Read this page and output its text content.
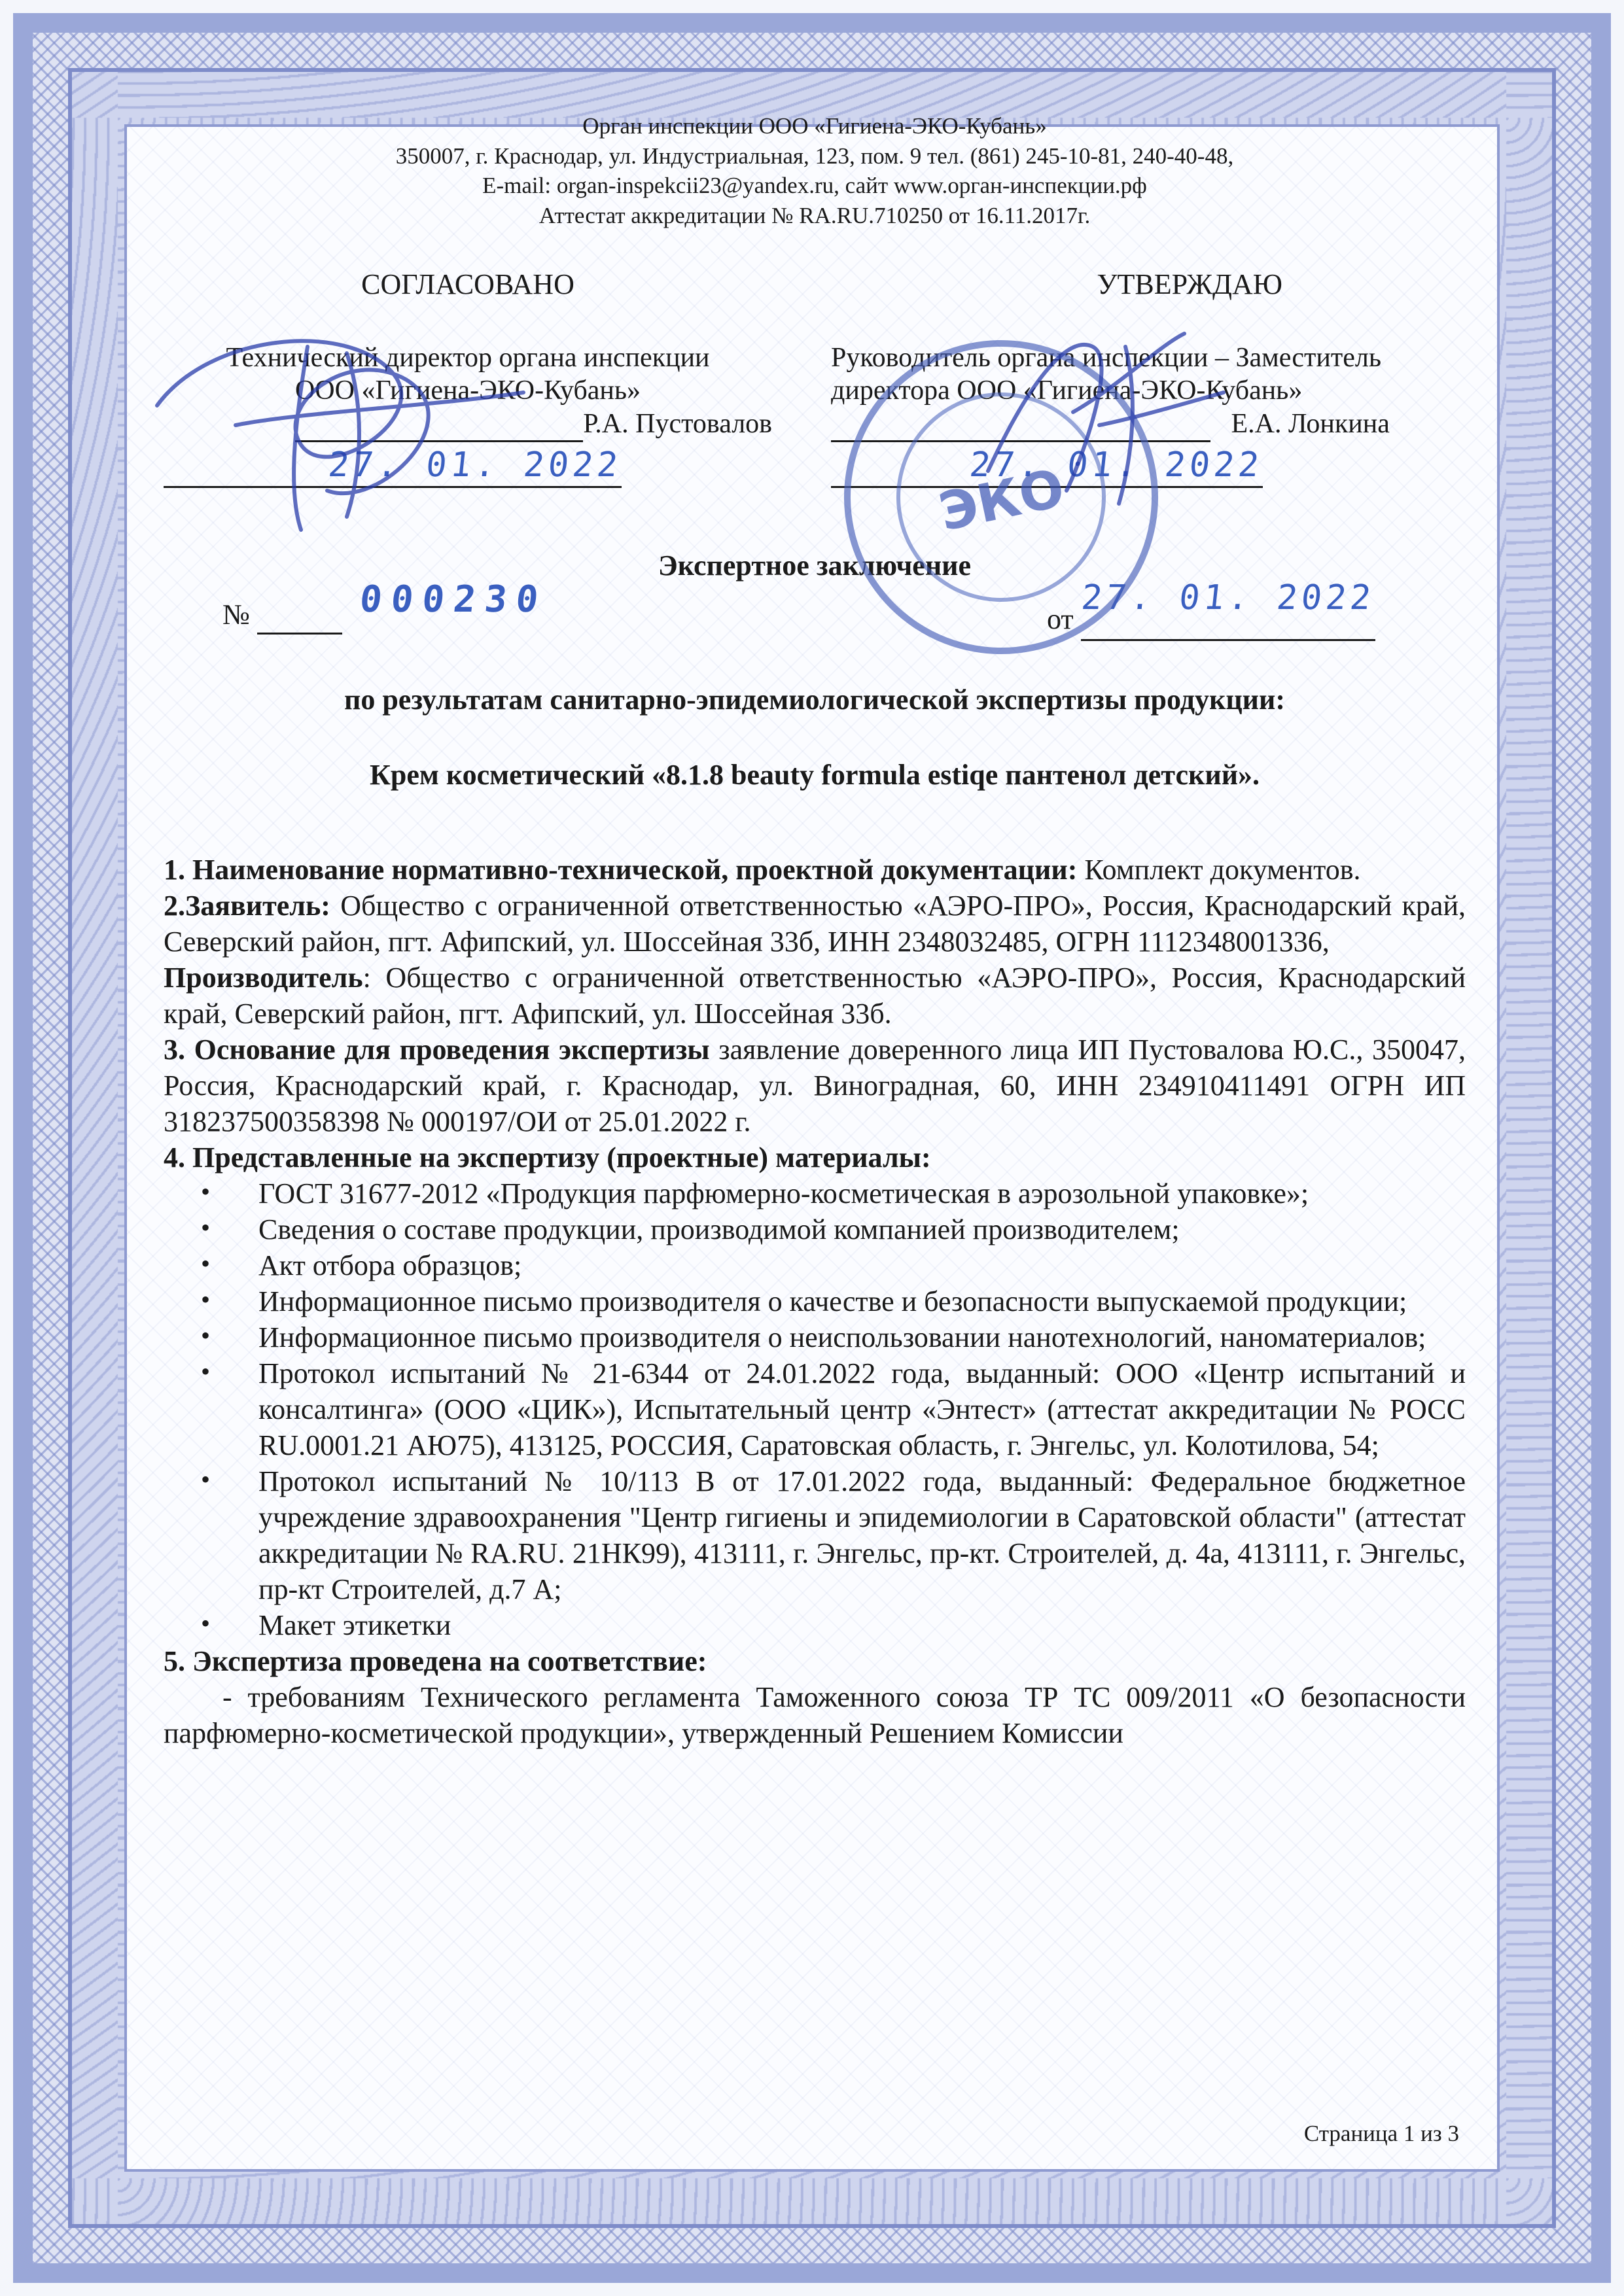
Орган инспекции ООО «Гигиена-ЭКО-Кубань»

350007, г. Краснодар, ул. Индустриальная, 123, пом. 9 тел. (861) 245-10-81, 240-40-48,

E-mail: organ-inspekcii23@yandex.ru, сайт www.орган-инспекции.рф

Аттестат аккредитации № RA.RU.710250 от 16.11.2017г.

СОГЛАСОВАНО

Технический директор органа инспекции

ООО «Гигиена-ЭКО-Кубань»

Р.А. Пустовалов

27. 01. 2022

УТВЕРЖДАЮ

Руководитель органа инспекции – Заместитель

директора ООО «Гигиена-ЭКО-Кубань»

Е.А. Лонкина

27. 01. 2022

Экспертное заключение
№	000230	от 27. 01. 2022
по результатам санитарно-эпидемиологической экспертизы продукции:
Крем косметический «8.1.8 beauty formula estiqe пантенол детский».

1. Наименование нормативно-технической, проектной документации: Комплект документов.

2.Заявитель: Общество с ограниченной ответственностью «АЭРО-ПРО», Россия, Краснодарский край, Северский район, пгт. Афипский, ул. Шоссейная 33б, ИНН 2348032485, ОГРН 1112348001336,

Производитель: Общество с ограниченной ответственностью «АЭРО-ПРО», Россия, Краснодарский край, Северский район, пгт. Афипский, ул. Шоссейная 33б.

3. Основание для проведения экспертизы заявление доверенного лица ИП Пустовалова Ю.С., 350047, Россия, Краснодарский край, г. Краснодар, ул. Виноградная, 60, ИНН 234910411491 ОГРН ИП 318237500358398 № 000197/ОИ от 25.01.2022 г.

4. Представленные на экспертизу (проектные) материалы:

• ГОСТ 31677-2012 «Продукция парфюмерно-косметическая в аэрозольной упаковке»;
• Сведения о составе продукции, производимой компанией производителем;
• Акт отбора образцов;
• Информационное письмо производителя о качестве и безопасности выпускаемой продукции;
• Информационное письмо производителя о неиспользовании нанотехнологий, наноматериалов;
• Протокол испытаний № 21-6344 от 24.01.2022 года, выданный: ООО «Центр испытаний и консалтинга» (ООО «ЦИК»), Испытательный центр «Энтест» (аттестат аккредитации № РОСС RU.0001.21 АЮ75), 413125, РОССИЯ, Саратовская область, г. Энгельс, ул. Колотилова, 54;
• Протокол испытаний № 10/113 В от 17.01.2022 года, выданный: Федеральное бюджетное учреждение здравоохранения "Центр гигиены и эпидемиологии в Саратовской области" (аттестат аккредитации № RA.RU. 21НК99), 413111, г. Энгельс, пр-кт. Строителей, д. 4а, 413111, г. Энгельс, пр-кт Строителей, д.7 А;
• Макет этикетки

5. Экспертиза проведена на соответствие:

- требованиям Технического регламента Таможенного союза ТР ТС 009/2011 «О безопасности парфюмерно-косметической продукции», утвержденный Решением Комиссии

Страница 1 из 3
ЭКО
